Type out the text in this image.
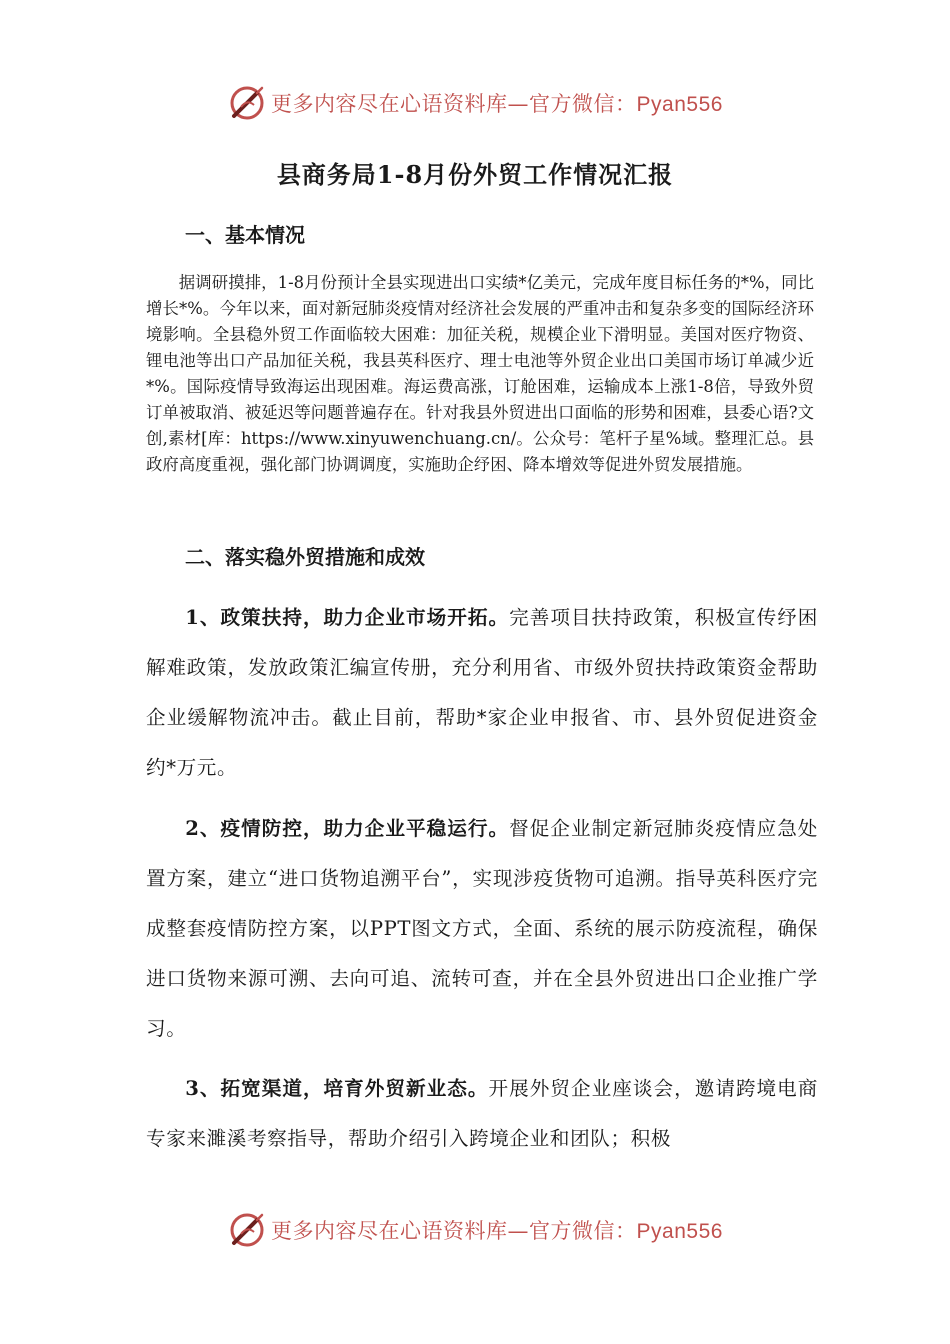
更多内容尽在心语资料库—官方微信：Pyan556
县商务局1-8月份外贸工作情况汇报
一、基本情况

据调研摸排，1-8月份预计全县实现进出口实绩*亿美元，完成年度目标任务的*%，同比增长*%。今年以来，面对新冠肺炎疫情对经济社会发展的严重冲击和复杂多变的国际经济环境影响。全县稳外贸工作面临较大困难：加征关税，规模企业下滑明显。美国对医疗物资、锂电池等出口产品加征关税，我县英科医疗、理士电池等外贸企业出口美国市场订单减少近*%。国际疫情导致海运出现困难。海运费高涨，订舱困难，运输成本上涨1-8倍，导致外贸订单被取消、被延迟等问题普遍存在。针对我县外贸进出口面临的形势和困难，县委心语?文创,素材[库：https://www.xinyuwenchuang.cn/。公众号：笔杆子星%域。整理汇总。县政府高度重视，强化部门协调调度，实施助企纾困、降本增效等促进外贸发展措施。

二、落实稳外贸措施和成效

1、政策扶持，助力企业市场开拓。完善项目扶持政策，积极宣传纾困解难政策，发放政策汇编宣传册，充分利用省、市级外贸扶持政策资金帮助企业缓解物流冲击。截止目前，帮助*家企业申报省、市、县外贸促进资金约*万元。

2、疫情防控，助力企业平稳运行。督促企业制定新冠肺炎疫情应急处置方案，建立“进口货物追溯平台”，实现涉疫货物可追溯。指导英科医疗完成整套疫情防控方案，以PPT图文方式，全面、系统的展示防疫流程，确保进口货物来源可溯、去向可追、流转可查，并在全县外贸进出口企业推广学习。

3、拓宽渠道，培育外贸新业态。开展外贸企业座谈会，邀请跨境电商专家来濉溪考察指导，帮助介绍引入跨境企业和团队；积极

更多内容尽在心语资料库—官方微信：Pyan556
